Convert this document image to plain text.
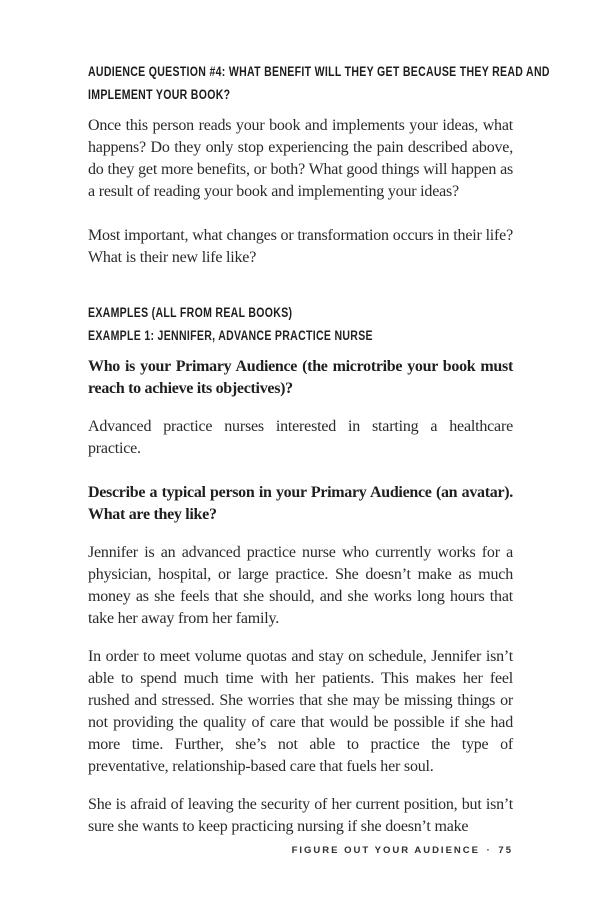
AUDIENCE QUESTION #4: WHAT BENEFIT WILL THEY GET BECAUSE THEY READ AND
IMPLEMENT YOUR BOOK?

Once this person reads your book and implements your ideas, what happens? Do they only stop experiencing the pain described above, do they get more benefits, or both? What good things will happen as a result of reading your book and implementing your ideas?

Most important, what changes or transformation occurs in their life? What is their new life like?

EXAMPLES (ALL FROM REAL BOOKS)
EXAMPLE 1: JENNIFER, ADVANCE PRACTICE NURSE

Who is your Primary Audience (the microtribe your book must reach to achieve its objectives)?

Advanced practice nurses interested in starting a healthcare practice.

Describe a typical person in your Primary Audience (an avatar). What are they like?

Jennifer is an advanced practice nurse who currently works for a physician, hospital, or large practice. She doesn’t make as much money as she feels that she should, and she works long hours that take her away from her family.

In order to meet volume quotas and stay on schedule, Jennifer isn’t able to spend much time with her patients. This makes her feel rushed and stressed. She worries that she may be missing things or not providing the quality of care that would be possible if she had more time. Further, she’s not able to practice the type of preventative, relationship-based care that fuels her soul.

She is afraid of leaving the security of her current position, but isn’t sure she wants to keep practicing nursing if she doesn’t make

FIGURE OUT YOUR AUDIENCE · 75
